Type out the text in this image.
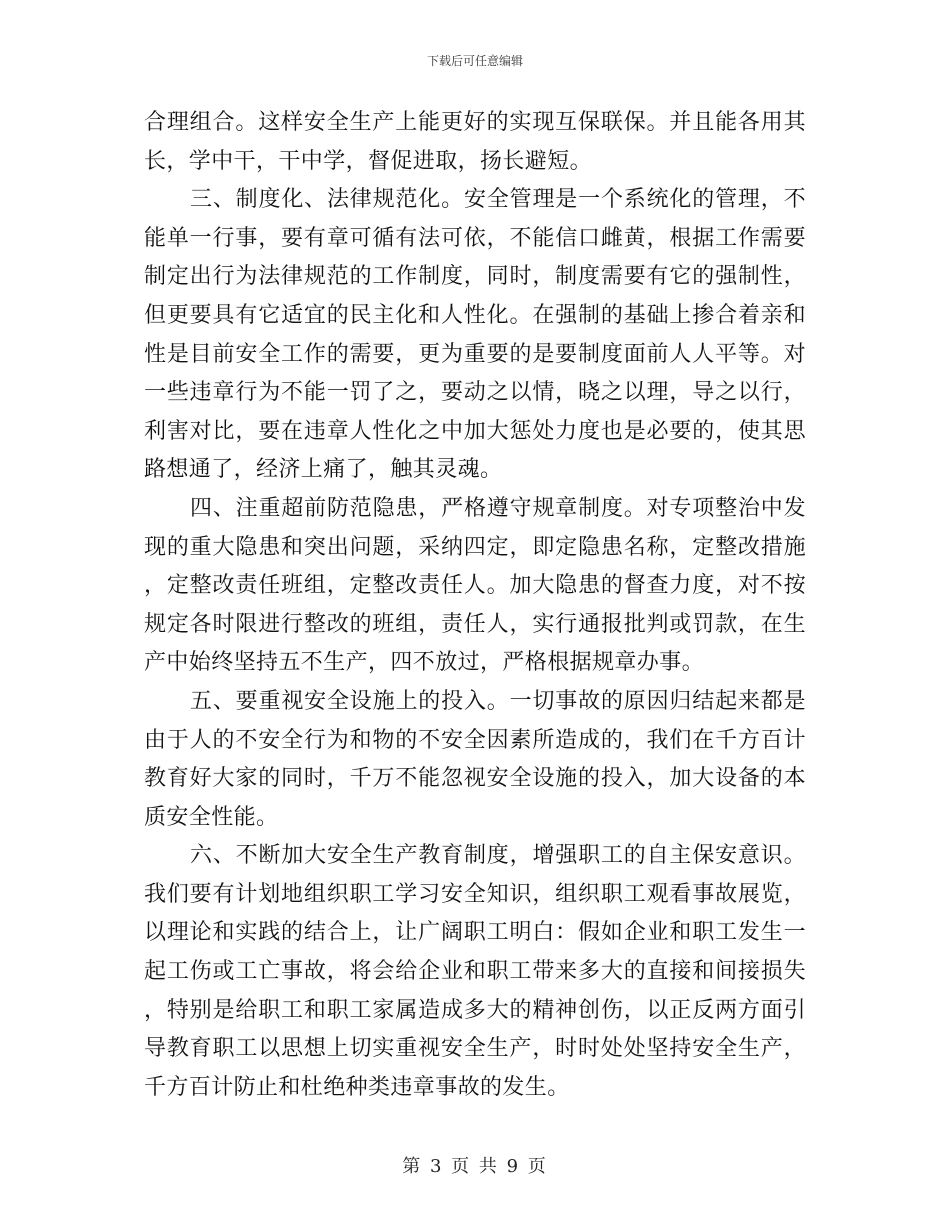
下载后可任意编辑

合理组合。这样安全生产上能更好的实现互保联保。并且能各用其长，学中干，干中学，督促进取，扬长避短。

三、制度化、法律规范化。安全管理是一个系统化的管理，不能单一行事，要有章可循有法可依，不能信口雌黄，根据工作需要制定出行为法律规范的工作制度，同时，制度需要有它的强制性，但更要具有它适宜的民主化和人性化。在强制的基础上掺合着亲和性是目前安全工作的需要，更为重要的是要制度面前人人平等。对一些违章行为不能一罚了之，要动之以情，晓之以理，导之以行，利害对比，要在违章人性化之中加大惩处力度也是必要的，使其思路想通了，经济上痛了，触其灵魂。

四、注重超前防范隐患，严格遵守规章制度。对专项整治中发现的重大隐患和突出问题，采纳四定，即定隐患名称，定整改措施，定整改责任班组，定整改责任人。加大隐患的督查力度，对不按规定各时限进行整改的班组，责任人，实行通报批判或罚款，在生产中始终坚持五不生产，四不放过，严格根据规章办事。

五、要重视安全设施上的投入。一切事故的原因归结起来都是由于人的不安全行为和物的不安全因素所造成的，我们在千方百计教育好大家的同时，千万不能忽视安全设施的投入，加大设备的本质安全性能。

六、不断加大安全生产教育制度，增强职工的自主保安意识。我们要有计划地组织职工学习安全知识，组织职工观看事故展览，以理论和实践的结合上，让广阔职工明白：假如企业和职工发生一起工伤或工亡事故，将会给企业和职工带来多大的直接和间接损失，特别是给职工和职工家属造成多大的精神创伤，以正反两方面引导教育职工以思想上切实重视安全生产，时时处处坚持安全生产，千方百计防止和杜绝种类违章事故的发生。

第 3 页 共 9 页
